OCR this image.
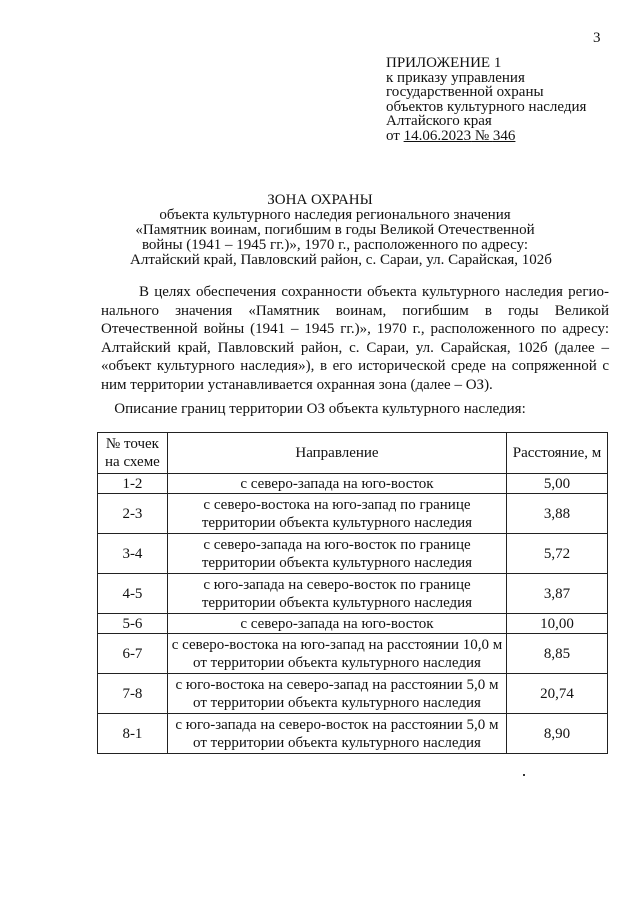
3
ПРИЛОЖЕНИЕ 1
к приказу управления
государственной охраны
объектов культурного наследия
Алтайского края
от 14.06.2023 № 346
ЗОНА ОХРАНЫ
объекта культурного наследия регионального значения
«Памятник воинам, погибшим в годы Великой Отечественной
войны (1941 – 1945 гг.)», 1970 г., расположенного по адресу:
Алтайский край, Павловский район, с. Сараи, ул. Сарайская, 102б
В целях обеспечения сохранности объекта культурного наследия регио-
нального значения «Памятник воинам, погибшим в годы Великой
Отечественной войны (1941 – 1945 гг.)», 1970 г., расположенного по адресу:
Алтайский край, Павловский район, с. Сараи, ул. Сарайская, 102б (далее –
«объект культурного наследия»), в его исторической среде на сопряженной с
ним территории устанавливается охранная зона (далее – ОЗ).
Описание границ территории ОЗ объекта культурного наследия:
№ точек
на схеме	Направление	Расстояние, м
1-2	с северо-запада на юго-восток	5,00
2-3	с северо-востока на юго-запад по границе
территории объекта культурного наследия	3,88
3-4	с северо-запада на юго-восток по границе
территории объекта культурного наследия	5,72
4-5	с юго-запада на северо-восток по границе
территории объекта культурного наследия	3,87
5-6	с северо-запада на юго-восток	10,00
6-7	с северо-востока на юго-запад на расстоянии 10,0 м
от территории объекта культурного наследия	8,85
7-8	с юго-востока на северо-запад на расстоянии 5,0 м
от территории объекта культурного наследия	20,74
8-1	с юго-запада на северо-восток на расстоянии 5,0 м
от территории объекта культурного наследия	8,90
